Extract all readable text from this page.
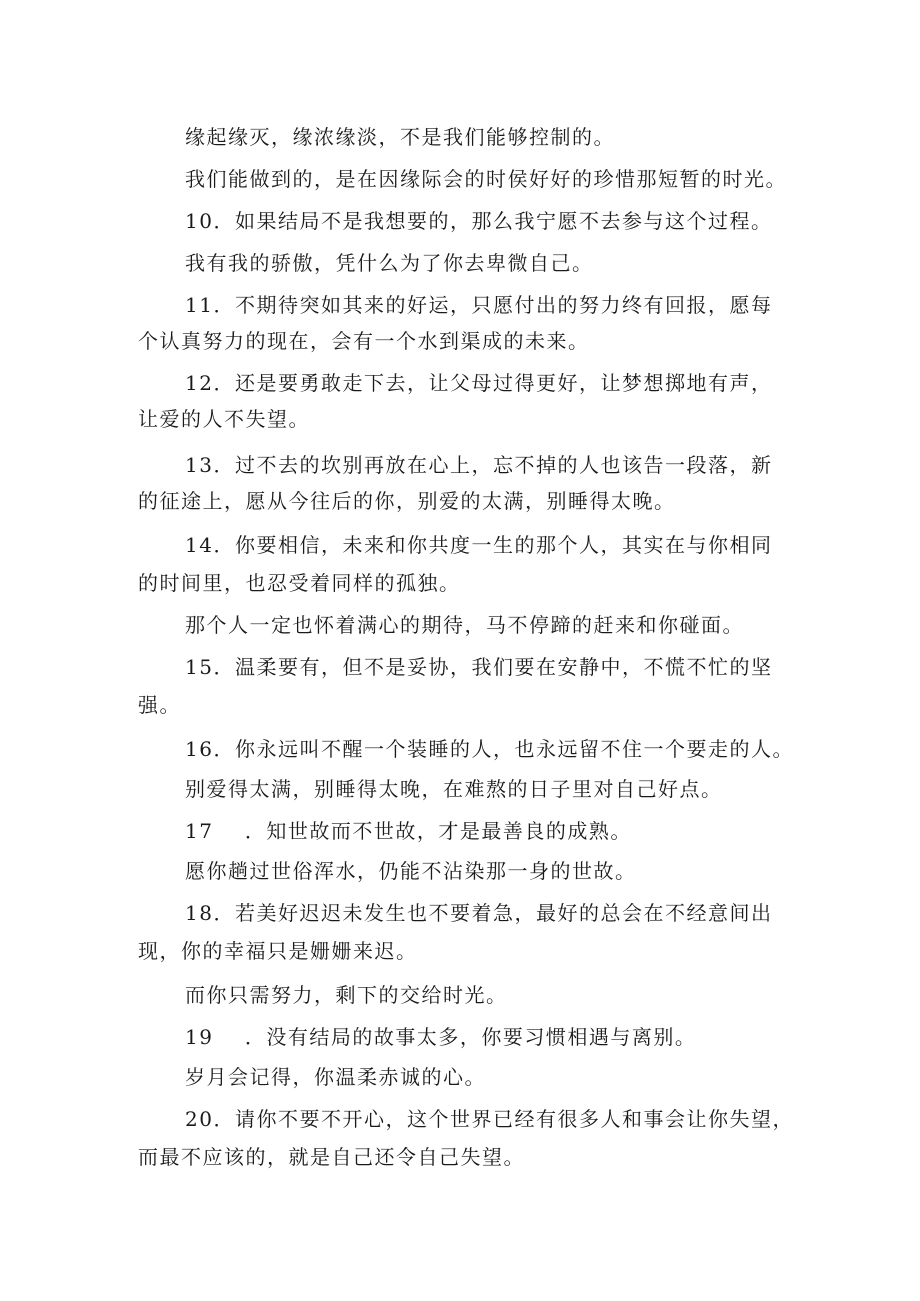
缘起缘灭，缘浓缘淡，不是我们能够控制的。
我们能做到的，是在因缘际会的时侯好好的珍惜那短暂的时光。
10．如果结局不是我想要的，那么我宁愿不去参与这个过程。
我有我的骄傲，凭什么为了你去卑微自己。
11．不期待突如其来的好运，只愿付出的努力终有回报，愿每
个认真努力的现在，会有一个水到渠成的未来。
12．还是要勇敢走下去，让父母过得更好，让梦想掷地有声，
让爱的人不失望。
13．过不去的坎别再放在心上，忘不掉的人也该告一段落，新
的征途上，愿从今往后的你，别爱的太满，别睡得太晚。
14．你要相信，未来和你共度一生的那个人，其实在与你相同
的时间里，也忍受着同样的孤独。
那个人一定也怀着满心的期待，马不停蹄的赶来和你碰面。
15．温柔要有，但不是妥协，我们要在安静中，不慌不忙的坚
强。
16．你永远叫不醒一个装睡的人，也永远留不住一个要走的人。
别爱得太满，别睡得太晚，在难熬的日子里对自己好点。
17    ．知世故而不世故，才是最善良的成熟。
愿你趟过世俗浑水，仍能不沾染那一身的世故。
18．若美好迟迟未发生也不要着急，最好的总会在不经意间出
现，你的幸福只是姗姗来迟。
而你只需努力，剩下的交给时光。
19    ．没有结局的故事太多，你要习惯相遇与离别。
岁月会记得，你温柔赤诚的心。
20．请你不要不开心，这个世界已经有很多人和事会让你失望，
而最不应该的，就是自己还令自己失望。
